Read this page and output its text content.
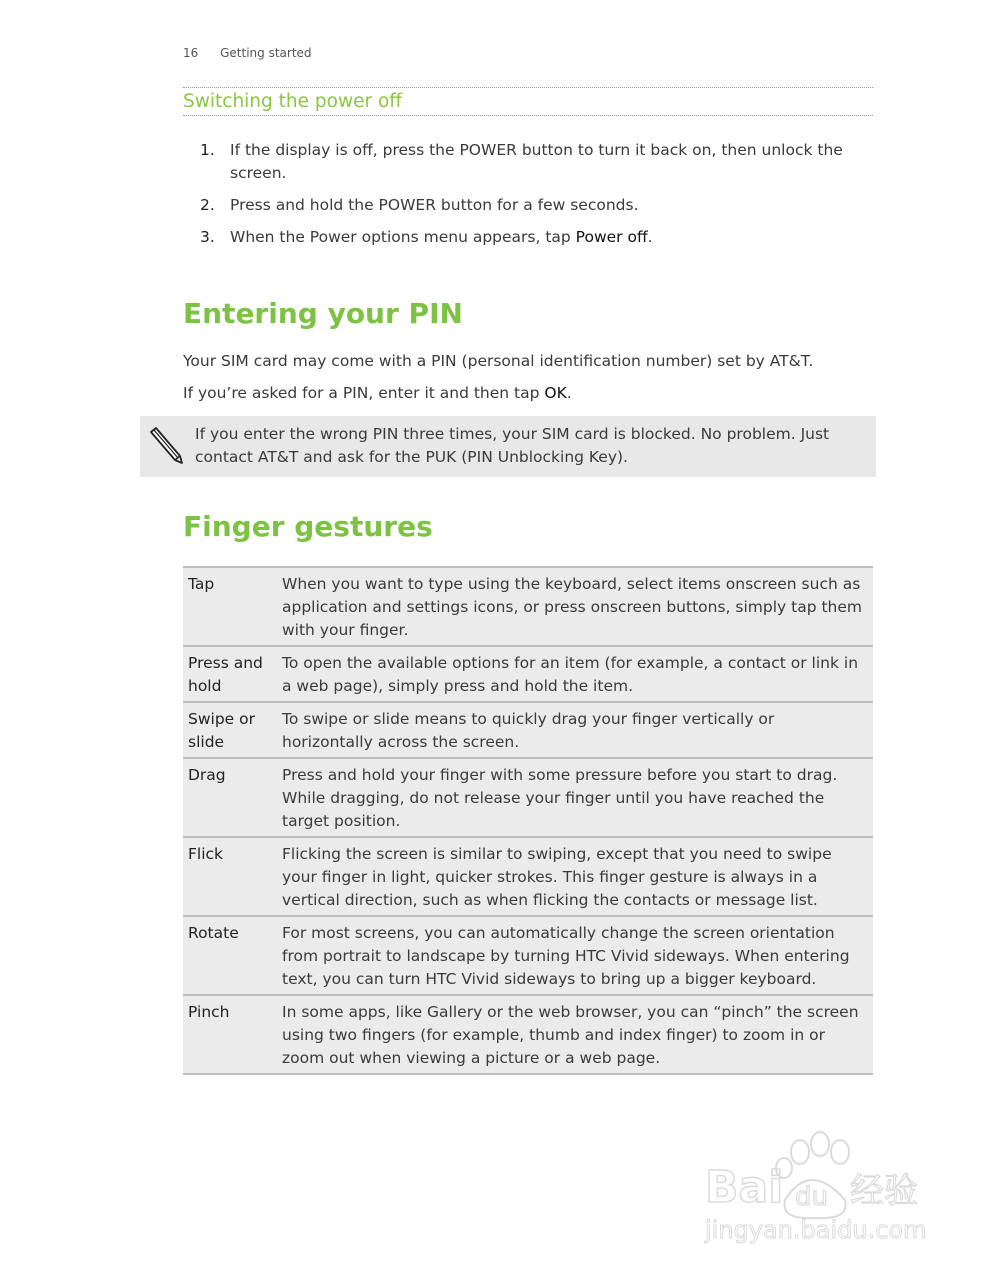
16 Getting started
Switching the power off
1. If the display is off, press the POWER button to turn it back on, then unlock the screen.
2. Press and hold the POWER button for a few seconds.
3. When the Power options menu appears, tap Power off.
Entering your PIN

Your SIM card may come with a PIN (personal identification number) set by AT&T.

If you’re asked for a PIN, enter it and then tap OK.

If you enter the wrong PIN three times, your SIM card is blocked. No problem. Just contact AT&T and ask for the PUK (PIN Unblocking Key).
Finger gestures
Tap	When you want to type using the keyboard, select items onscreen such as application and settings icons, or press onscreen buttons, simply tap them with your finger.
Press and hold	To open the available options for an item (for example, a contact or link in a web page), simply press and hold the item.
Swipe or slide	To swipe or slide means to quickly drag your finger vertically or horizontally across the screen.
Drag	Press and hold your finger with some pressure before you start to drag. While dragging, do not release your finger until you have reached the target position.
Flick	Flicking the screen is similar to swiping, except that you need to swipe your finger in light, quicker strokes. This finger gesture is always in a vertical direction, such as when flicking the contacts or message list.
Rotate	For most screens, you can automatically change the screen orientation from portrait to landscape by turning HTC Vivid sideways. When entering text, you can turn HTC Vivid sideways to bring up a bigger keyboard.
Pinch	In some apps, like Gallery or the web browser, you can “pinch” the screen using two fingers (for example, thumb and index finger) to zoom in or zoom out when viewing a picture or a web page.
Bai du 经验
jingyan.baidu.com
